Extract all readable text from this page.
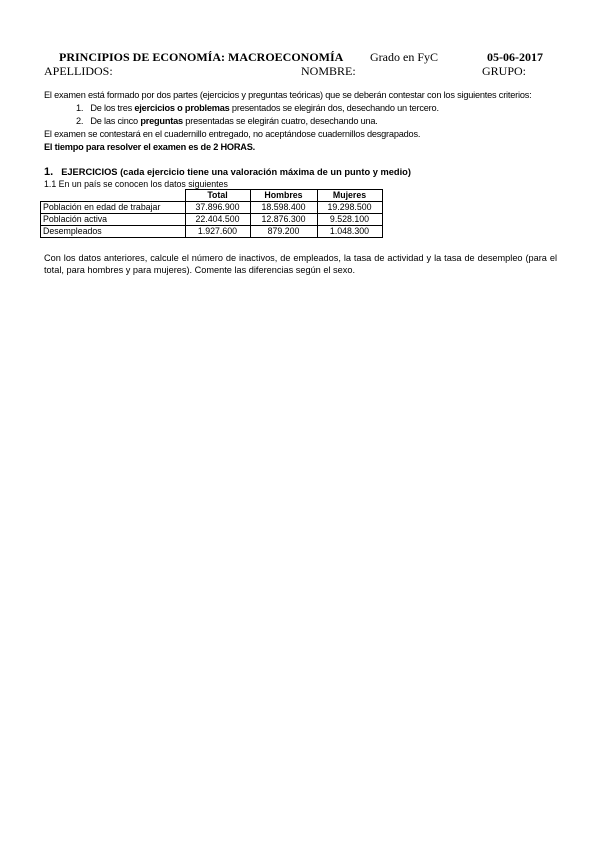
PRINCIPIOS DE ECONOMÍA: MACROECONOMÍA Grado en FyC	05-06-2017
APELLIDOS:	NOMBRE:	GRUPO:

El examen está formado por dos partes (ejercicios y preguntas teóricas) que se deberán contestar con los siguientes criterios:

1. De los tres ejercicios o problemas presentados se elegirán dos, desechando un tercero.
2. De las cinco preguntas presentadas se elegirán cuatro, desechando una.

El examen se contestará en el cuadernillo entregado, no aceptándose cuadernillos desgrapados.

El tiempo para resolver el examen es de 2 HORAS.

1. EJERCICIOS (cada ejercicio tiene una valoración máxima de un punto y medio)
1.1 En un país se conocen los datos siguientes
	Total	Hombres	Mujeres
Población en edad de trabajar	37.896.900	18.598.400	19.298.500
Población activa	22.404.500	12.876.300	9.528.100
Desempleados	1.927.600	879.200	1.048.300
Con los datos anteriores, calcule el número de inactivos, de empleados, la tasa de actividad y la tasa de desempleo (para el total, para hombres y para mujeres). Comente las diferencias según el sexo.
